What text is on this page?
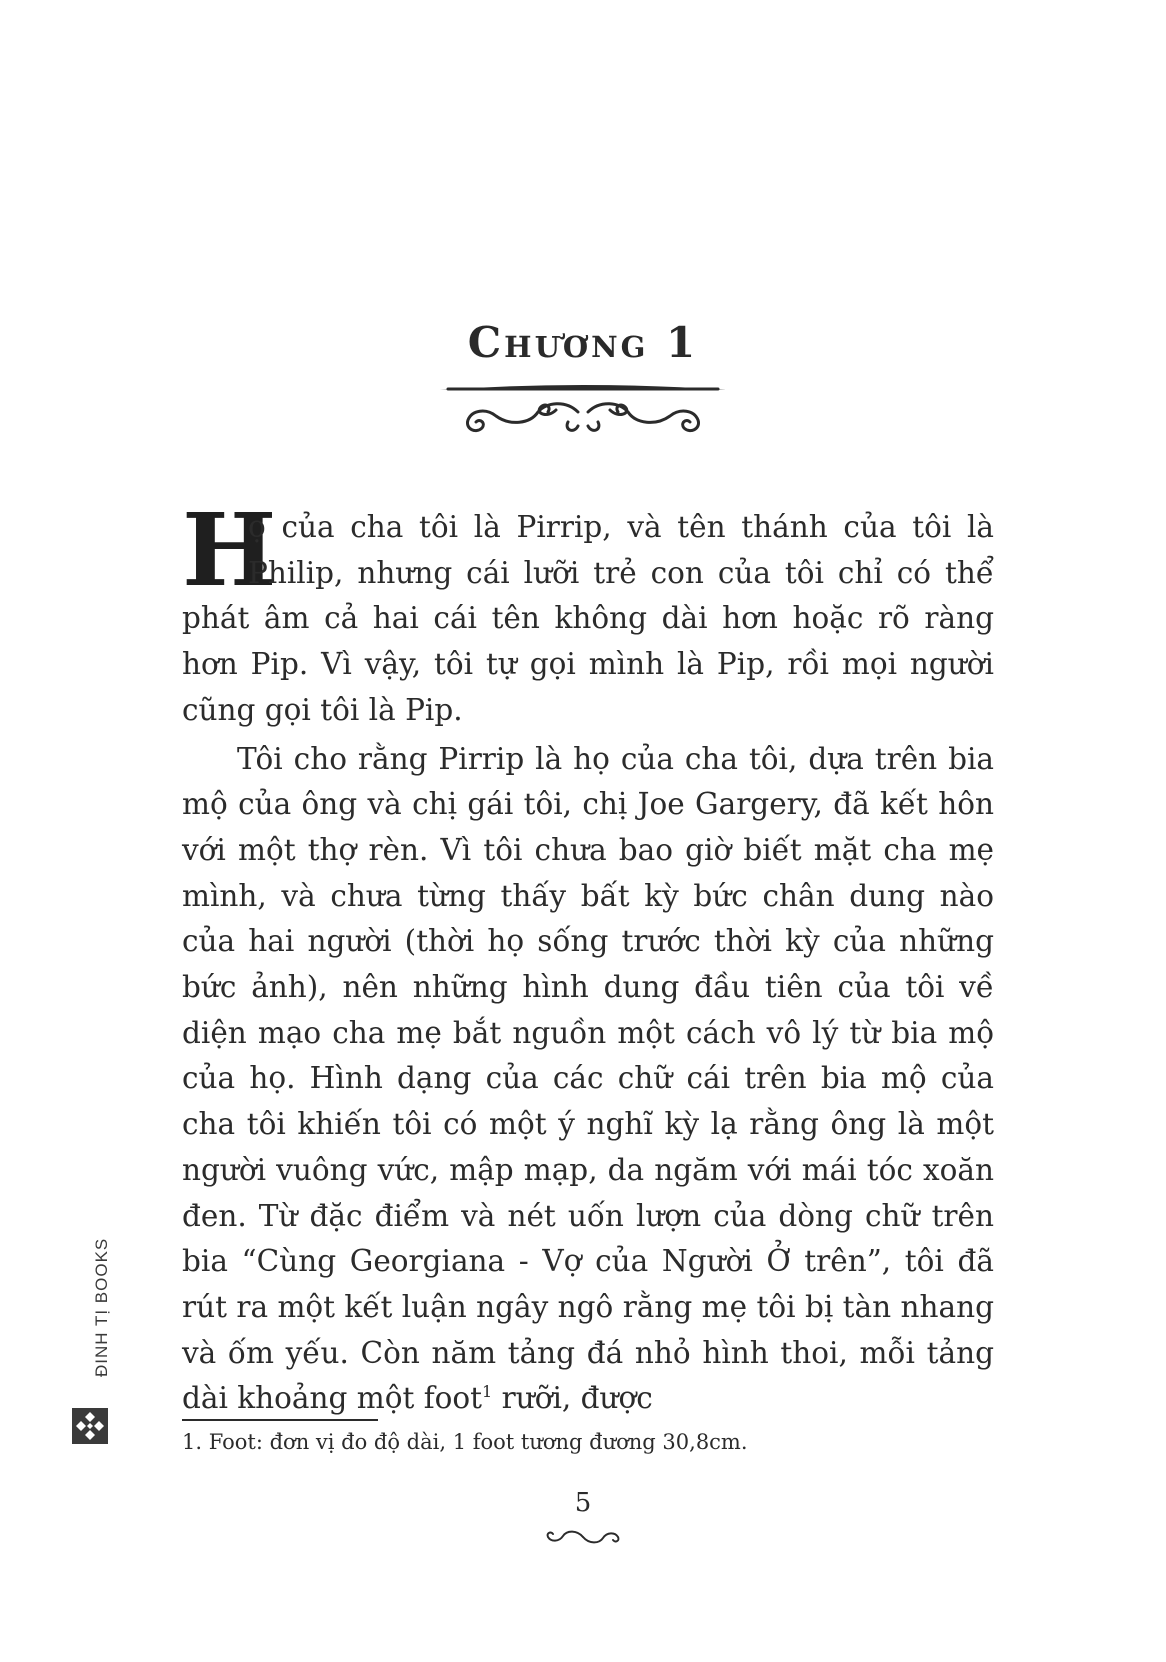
Chương 1

H
ọ của cha tôi là Pirrip, và tên thánh của tôi là Philip, nhưng cái lưỡi trẻ con của tôi chỉ có thể phát âm cả hai cái tên không dài hơn hoặc rõ ràng hơn Pip. Vì vậy, tôi tự gọi mình là Pip, rồi mọi người cũng gọi tôi là Pip.

Tôi cho rằng Pirrip là họ của cha tôi, dựa trên bia mộ của ông và chị gái tôi, chị Joe Gargery, đã kết hôn với một thợ rèn. Vì tôi chưa bao giờ biết mặt cha mẹ mình, và chưa từng thấy bất kỳ bức chân dung nào của hai người (thời họ sống trước thời kỳ của những bức ảnh), nên những hình dung đầu tiên của tôi về diện mạo cha mẹ bắt nguồn một cách vô lý từ bia mộ của họ. Hình dạng của các chữ cái trên bia mộ của cha tôi khiến tôi có một ý nghĩ kỳ lạ rằng ông là một người vuông vức, mập mạp, da ngăm với mái tóc xoăn đen. Từ đặc điểm và nét uốn lượn của dòng chữ trên bia “Cùng Georgiana - Vợ của Người Ở trên”, tôi đã rút ra một kết luận ngây ngô rằng mẹ tôi bị tàn nhang và ốm yếu. Còn năm tảng đá nhỏ hình thoi, mỗi tảng dài khoảng một foot$^1$ rưỡi, được

1. Foot: đơn vị đo độ dài, 1 foot tương đương 30,8cm.
5
ĐINH TỊ BOOKS
